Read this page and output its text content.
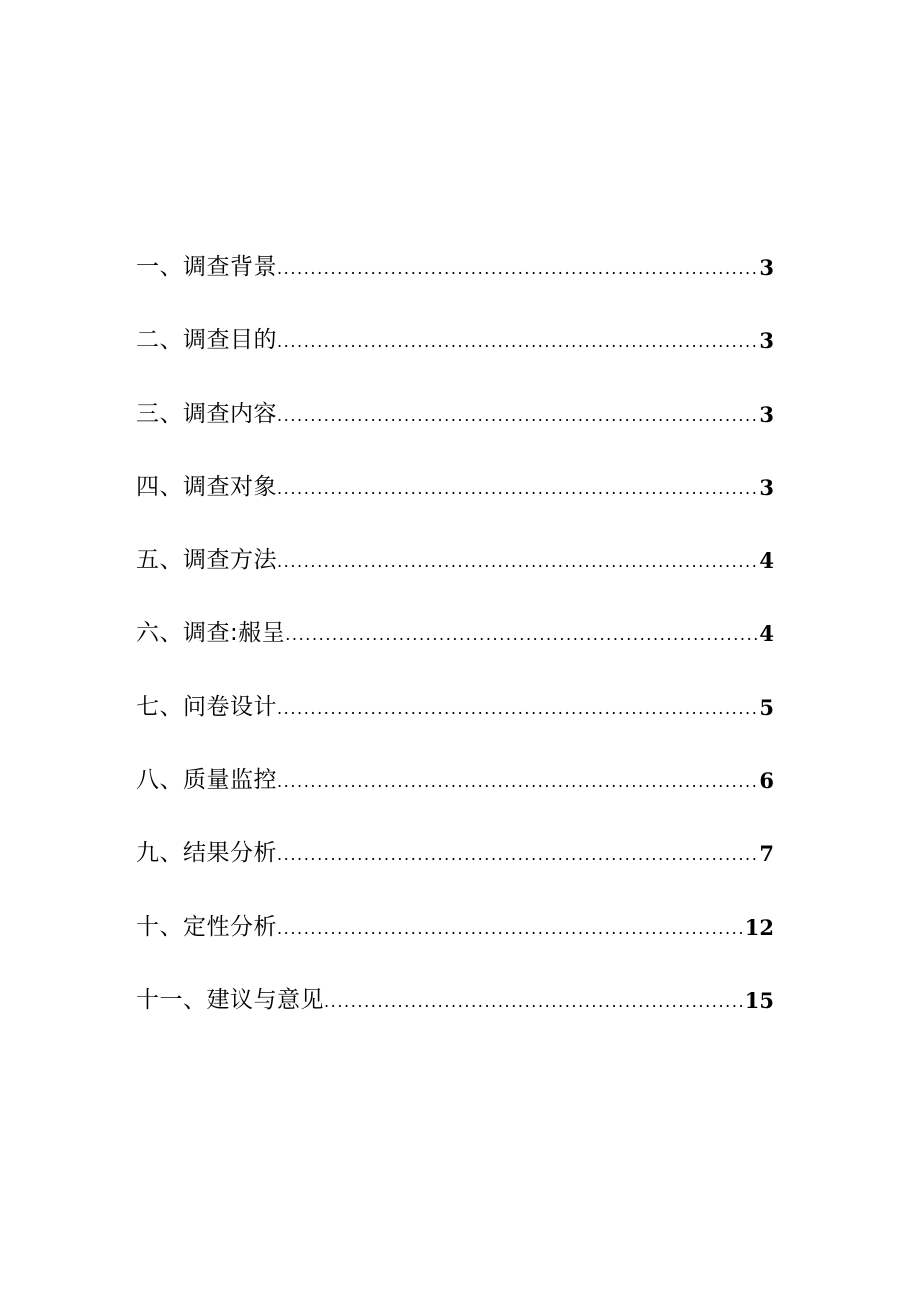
一、调查背景 .....	3
二、调查目的 .....	3
三、调查内容 .....	3
四、调查对象 .....	3
五、调查方法 .....	4
六、调查:赧呈 .....	4
七、问卷设计 .....	5
八、质量监控 .....	6
九、结果分析 .....	7
十、定性分析 .....	12
十一、建议与意见 .....	15
